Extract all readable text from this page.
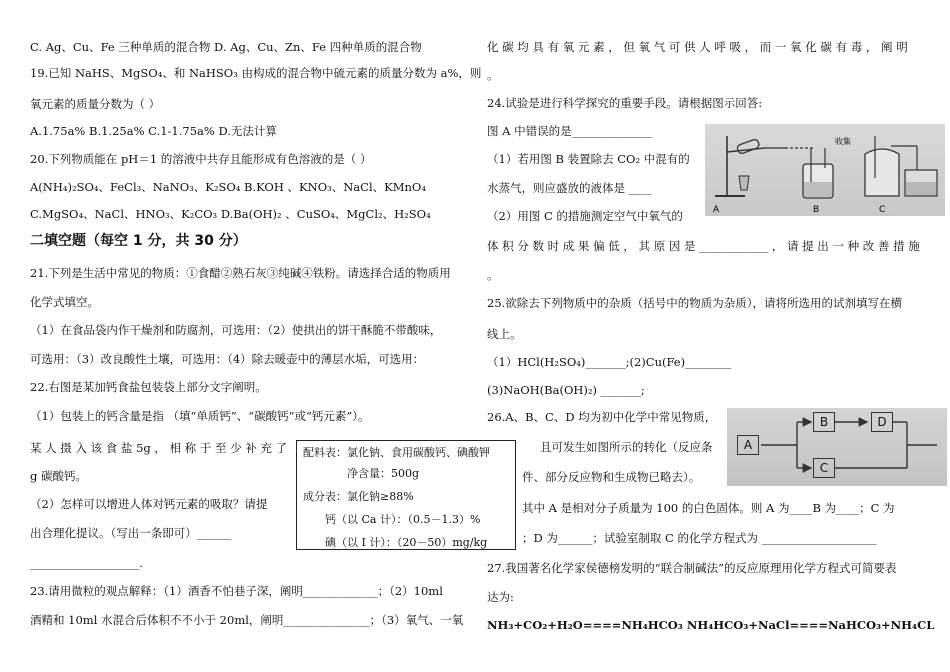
C. Ag、Cu、Fe 三种单质的混合物 D. Ag、Cu、Zn、Fe 四种单质的混合物
19.已知 NaHS、MgSO₄、和 NaHSO₃ 由构成的混合物中硫元素的质量分数为 a%，则
氧元素的质量分数为（ ）
A.1.75a% B.1.25a% C.1-1.75a% D.无法计算
20.下列物质能在 pH＝1 的溶液中共存且能形成有色溶液的是（ ）
A(NH₄)₂SO₄、FeCl₃、NaNO₃、K₂SO₄ B.KOH 、KNO₃、NaCl、KMnO₄
C.MgSO₄、NaCl、HNO₃、K₂CO₃ D.Ba(OH)₂ 、CuSO₄、MgCl₂、H₂SO₄
二填空题（每空 1 分，共 30 分）
21.下列是生活中常见的物质：①食醋②熟石灰③纯碱④铁粉。请选择合适的物质用
化学式填空。
（1）在食品袋内作干燥剂和防腐剂，可选用：（2）使拱出的饼干酥脆不带酸味，
可选用：（3）改良酸性土壤，可选用：（4）除去暖壶中的薄层水垢，可选用：
22.右图是某加钙食盐包装袋上部分文字阐明。
（1）包装上的钙含量是指 （填“单质钙”、“碳酸钙”或“钙元素”）。
某 人 摄 入 该 食 盐 5g ， 相 称 于 至 少 补 充 了
g 碳酸钙。
（2）怎样可以增进人体对钙元素的吸取？请提
出合理化提议。（写出一条即可）______
___________________.
23.请用微粒的观点解释：（1）酒香不怕巷子深，阐明_____________；（2）10ml
酒精和 10ml 水混合后体积不不小于 20ml，阐明_______________；（3）氧气、一氧
配料表：氯化钠、食用碳酸钙、碘酸钾
净含量：500g
成分表：氯化钠≥88%
钙（以 Ca 计）：（0.5－1.3）%
碘（以 I 计）：（20－50）mg/kg
化 碳 均 具 有 氧 元 素 ， 但 氧 气 可 供 人 呼 吸 ， 而 一 氧 化 碳 有 毒 ， 阐 明
。
24.试验是进行科学探究的重要手段。请根据图示回答:
图 A 中错误的是______________
（1）若用图 B 装置除去 CO₂ 中混有的
水蒸气，则应盛放的液体是 ____
（2）用图 C 的措施测定空气中氧气的
体 积 分 数 时 成 果 偏 低 ， 其 原 因 是 ____________ ， 请 提 出 一 种 改 善 措 施
。
25.欲除去下列物质中的杂质（括号中的物质为杂质），请将所选用的试剂填写在横
线上。
（1）HCl(H₂SO₄)_______;(2)Cu(Fe)________
(3)NaOH(Ba(OH)₂) _______;
26.A、B、C、D 均为初中化学中常见物质，
且可发生如图所示的转化（反应条
件、部分反应物和生成物已略去）。
其中 A 是相对分子质量为 100 的白色固体。则 A 为____B 为____；C 为
；D 为______；试验室制取 C 的化学方程式为 ____________________
27.我国著名化学家侯德榜发明的“联合制碱法”的反应原理用化学方程式可简要表
达为:
NH₃+CO₂+H₂O====NH₄HCO₃ NH₄HCO₃+NaCl====NaHCO₃+NH₄CL
A	B	C
收集
A
B	D
C
